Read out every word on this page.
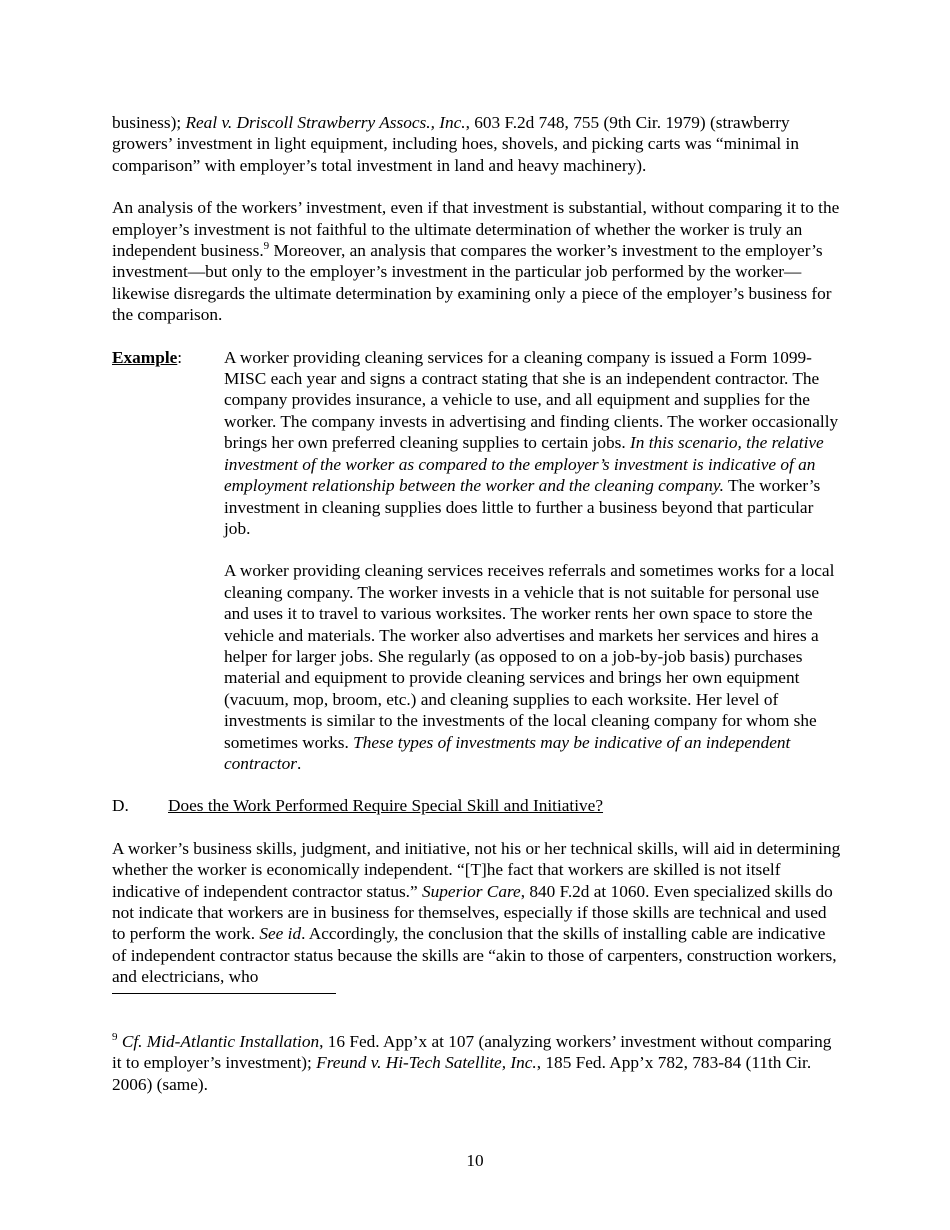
business); Real v. Driscoll Strawberry Assocs., Inc., 603 F.2d 748, 755 (9th Cir. 1979) (strawberry growers’ investment in light equipment, including hoes, shovels, and picking carts was “minimal in comparison” with employer’s total investment in land and heavy machinery).

An analysis of the workers’ investment, even if that investment is substantial, without comparing it to the employer’s investment is not faithful to the ultimate determination of whether the worker is truly an independent business.$^9$ Moreover, an analysis that compares the worker’s investment to the employer’s investment—but only to the employer’s investment in the particular job performed by the worker—likewise disregards the ultimate determination by examining only a piece of the employer’s business for the comparison.

Example: A worker providing cleaning services for a cleaning company is issued a Form 1099-MISC each year and signs a contract stating that she is an independent contractor. The company provides insurance, a vehicle to use, and all equipment and supplies for the worker. The company invests in advertising and finding clients. The worker occasionally brings her own preferred cleaning supplies to certain jobs. In this scenario, the relative investment of the worker as compared to the employer’s investment is indicative of an employment relationship between the worker and the cleaning company. The worker’s investment in cleaning supplies does little to further a business beyond that particular job.

A worker providing cleaning services receives referrals and sometimes works for a local cleaning company. The worker invests in a vehicle that is not suitable for personal use and uses it to travel to various worksites. The worker rents her own space to store the vehicle and materials. The worker also advertises and markets her services and hires a helper for larger jobs. She regularly (as opposed to on a job-by-job basis) purchases material and equipment to provide cleaning services and brings her own equipment (vacuum, mop, broom, etc.) and cleaning supplies to each worksite. Her level of investments is similar to the investments of the local cleaning company for whom she sometimes works. These types of investments may be indicative of an independent contractor.

D. Does the Work Performed Require Special Skill and Initiative?

A worker’s business skills, judgment, and initiative, not his or her technical skills, will aid in determining whether the worker is economically independent. “[T]he fact that workers are skilled is not itself indicative of independent contractor status.” Superior Care, 840 F.2d at 1060. Even specialized skills do not indicate that workers are in business for themselves, especially if those skills are technical and used to perform the work. See id. Accordingly, the conclusion that the skills of installing cable are indicative of independent contractor status because the skills are “akin to those of carpenters, construction workers, and electricians, who

$^9$ Cf. Mid-Atlantic Installation, 16 Fed. App’x at 107 (analyzing workers’ investment without comparing it to employer’s investment); Freund v. Hi-Tech Satellite, Inc., 185 Fed. App’x 782, 783-84 (11th Cir. 2006) (same).

10
